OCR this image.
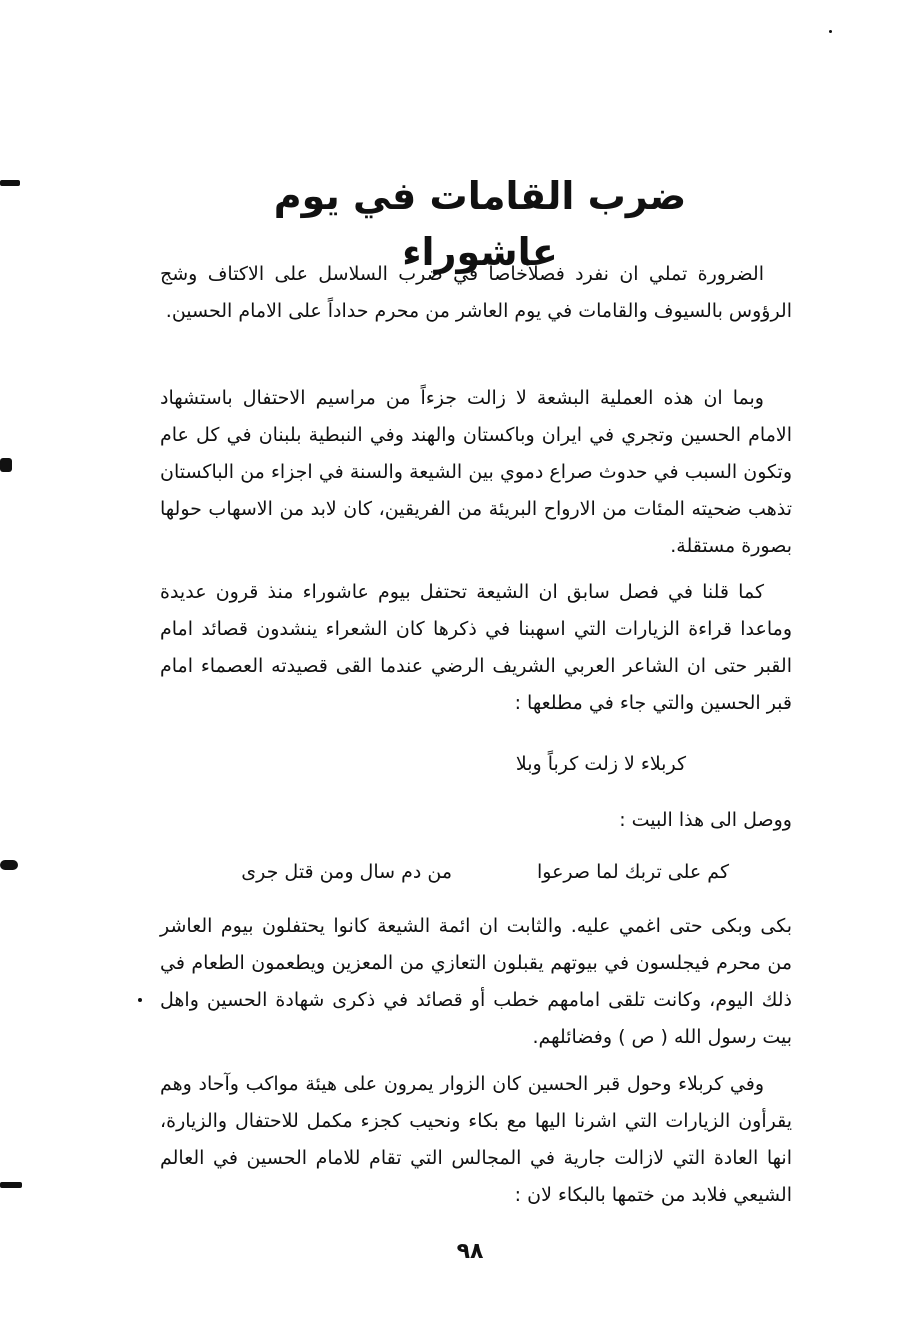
ضرب القامات في يوم عاشوراء

الضرورة تملي ان نفرد فصلاًخاصاً في ضرب السلاسل على الاكتاف وشج الرؤوس بالسيوف والقامات في يوم العاشر من محرم حداداً على الامام الحسين.

وبما ان هذه العملية البشعة لا زالت جزءاً من مراسيم الاحتفال باستشهاد الامام الحسين وتجري في ايران وباكستان والهند وفي النبطية بلبنان في كل عام وتكون السبب في حدوث صراع دموي بين الشيعة والسنة في اجزاء من الباكستان تذهب ضحيته المئات من الارواح البريئة من الفريقين، كان لابد من الاسهاب حولها بصورة مستقلة.

كما قلنا في فصل سابق ان الشيعة تحتفل بيوم عاشوراء منذ قرون عديدة وماعدا قراءة الزيارات التي اسهبنا في ذكرها كان الشعراء ينشدون قصائد امام القبر حتى ان الشاعر العربي الشريف الرضي عندما القى قصيدته العصماء امام قبر الحسين والتي جاء في مطلعها :

كربلاء لا زلت كرباً وبلا

ووصل الى هذا البيت :

كم على تربك لما صرعوا

من دم سال ومن قتل جرى

بكى وبكى حتى اغمي عليه. والثابت ان ائمة الشيعة كانوا يحتفلون بيوم العاشر من محرم فيجلسون في بيوتهم يقبلون التعازي من المعزين ويطعمون الطعام في ذلك اليوم، وكانت تلقى امامهم خطب أو قصائد في ذكرى شهادة الحسين واهل بيت رسول الله ( ص ) وفضائلهم.

وفي كربلاء وحول قبر الحسين كان الزوار يمرون على هيئة مواكب وآحاد وهم يقرأون الزيارات التي اشرنا اليها مع بكاء ونحيب كجزء مكمل للاحتفال والزيارة، انها العادة التي لازالت جارية في المجالس التي تقام للامام الحسين في العالم الشيعي فلابد من ختمها بالبكاء لان :

٩٨
